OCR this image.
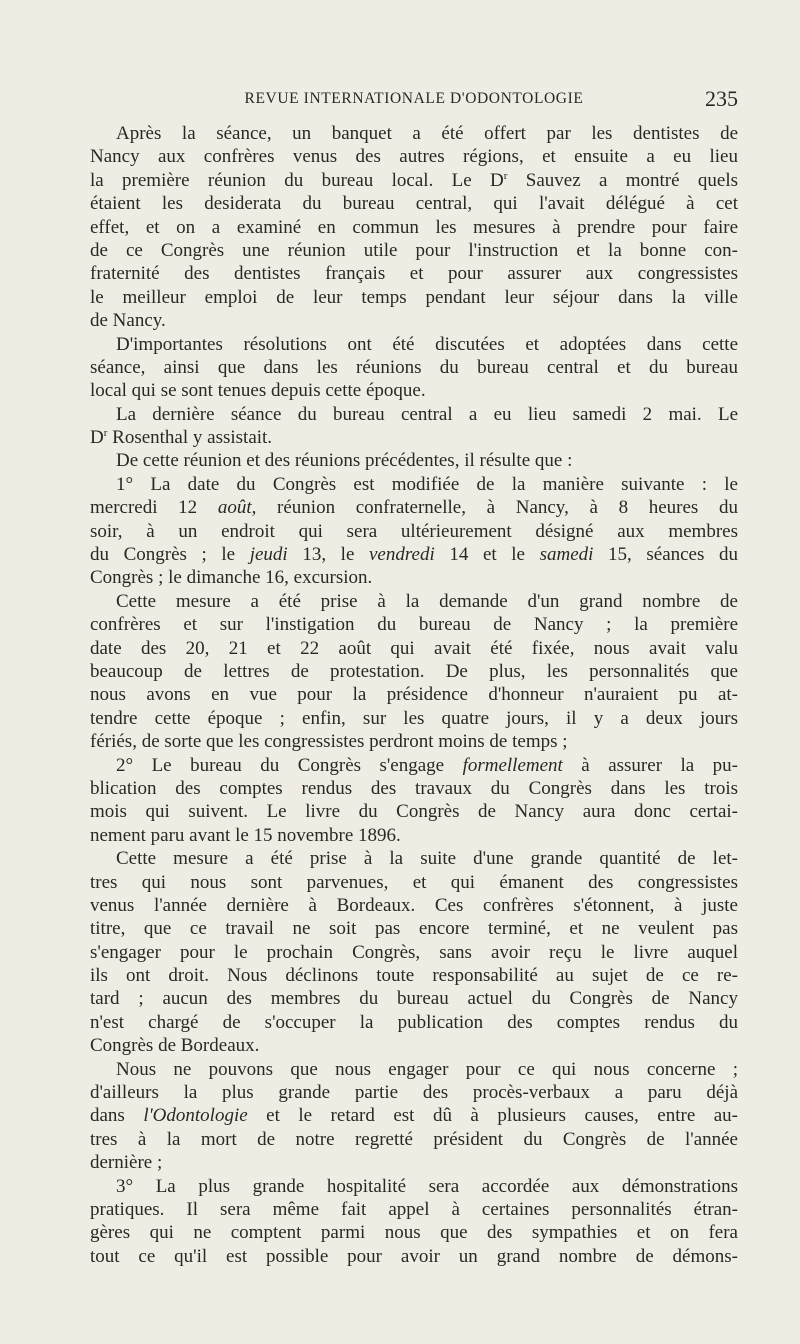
REVUE INTERNATIONALE D'ODONTOLOGIE	235
Après la séance, un banquet a été offert par les dentistes de
Nancy aux confrères venus des autres régions, et ensuite a eu lieu
la première réunion du bureau local. Le $D^r$ Sauvez a montré quels
étaient les desiderata du bureau central, qui l'avait délégué à cet
effet, et on a examiné en commun les mesures à prendre pour faire
de ce Congrès une réunion utile pour l'instruction et la bonne con-
fraternité des dentistes français et pour assurer aux congressistes
le meilleur emploi de leur temps pendant leur séjour dans la ville
de Nancy.
D'importantes résolutions ont été discutées et adoptées dans cette
séance, ainsi que dans les réunions du bureau central et du bureau
local qui se sont tenues depuis cette époque.
La dernière séance du bureau central a eu lieu samedi 2 mai. Le
$D^r$ Rosenthal y assistait.
De cette réunion et des réunions précédentes, il résulte que :
1° La date du Congrès est modifiée de la manière suivante : le
mercredi 12 août, réunion confraternelle, à Nancy, à 8 heures du
soir, à un endroit qui sera ultérieurement désigné aux membres
du Congrès ; le jeudi 13, le vendredi 14 et le samedi 15, séances du
Congrès ; le dimanche 16, excursion.
Cette mesure a été prise à la demande d'un grand nombre de
confrères et sur l'instigation du bureau de Nancy ; la première
date des 20, 21 et 22 août qui avait été fixée, nous avait valu
beaucoup de lettres de protestation. De plus, les personnalités que
nous avons en vue pour la présidence d'honneur n'auraient pu at-
tendre cette époque ; enfin, sur les quatre jours, il y a deux jours
fériés, de sorte que les congressistes perdront moins de temps ;
2° Le bureau du Congrès s'engage formellement à assurer la pu-
blication des comptes rendus des travaux du Congrès dans les trois
mois qui suivent. Le livre du Congrès de Nancy aura donc certai-
nement paru avant le 15 novembre 1896.
Cette mesure a été prise à la suite d'une grande quantité de let-
tres qui nous sont parvenues, et qui émanent des congressistes
venus l'année dernière à Bordeaux. Ces confrères s'étonnent, à juste
titre, que ce travail ne soit pas encore terminé, et ne veulent pas
s'engager pour le prochain Congrès, sans avoir reçu le livre auquel
ils ont droit. Nous déclinons toute responsabilité au sujet de ce re-
tard ; aucun des membres du bureau actuel du Congrès de Nancy
n'est chargé de s'occuper la publication des comptes rendus du
Congrès de Bordeaux.
Nous ne pouvons que nous engager pour ce qui nous concerne ;
d'ailleurs la plus grande partie des procès-verbaux a paru déjà
dans l'Odontologie et le retard est dû à plusieurs causes, entre au-
tres à la mort de notre regretté président du Congrès de l'année
dernière ;
3° La plus grande hospitalité sera accordée aux démonstrations
pratiques. Il sera même fait appel à certaines personnalités étran-
gères qui ne comptent parmi nous que des sympathies et on fera
tout ce qu'il est possible pour avoir un grand nombre de démons-
